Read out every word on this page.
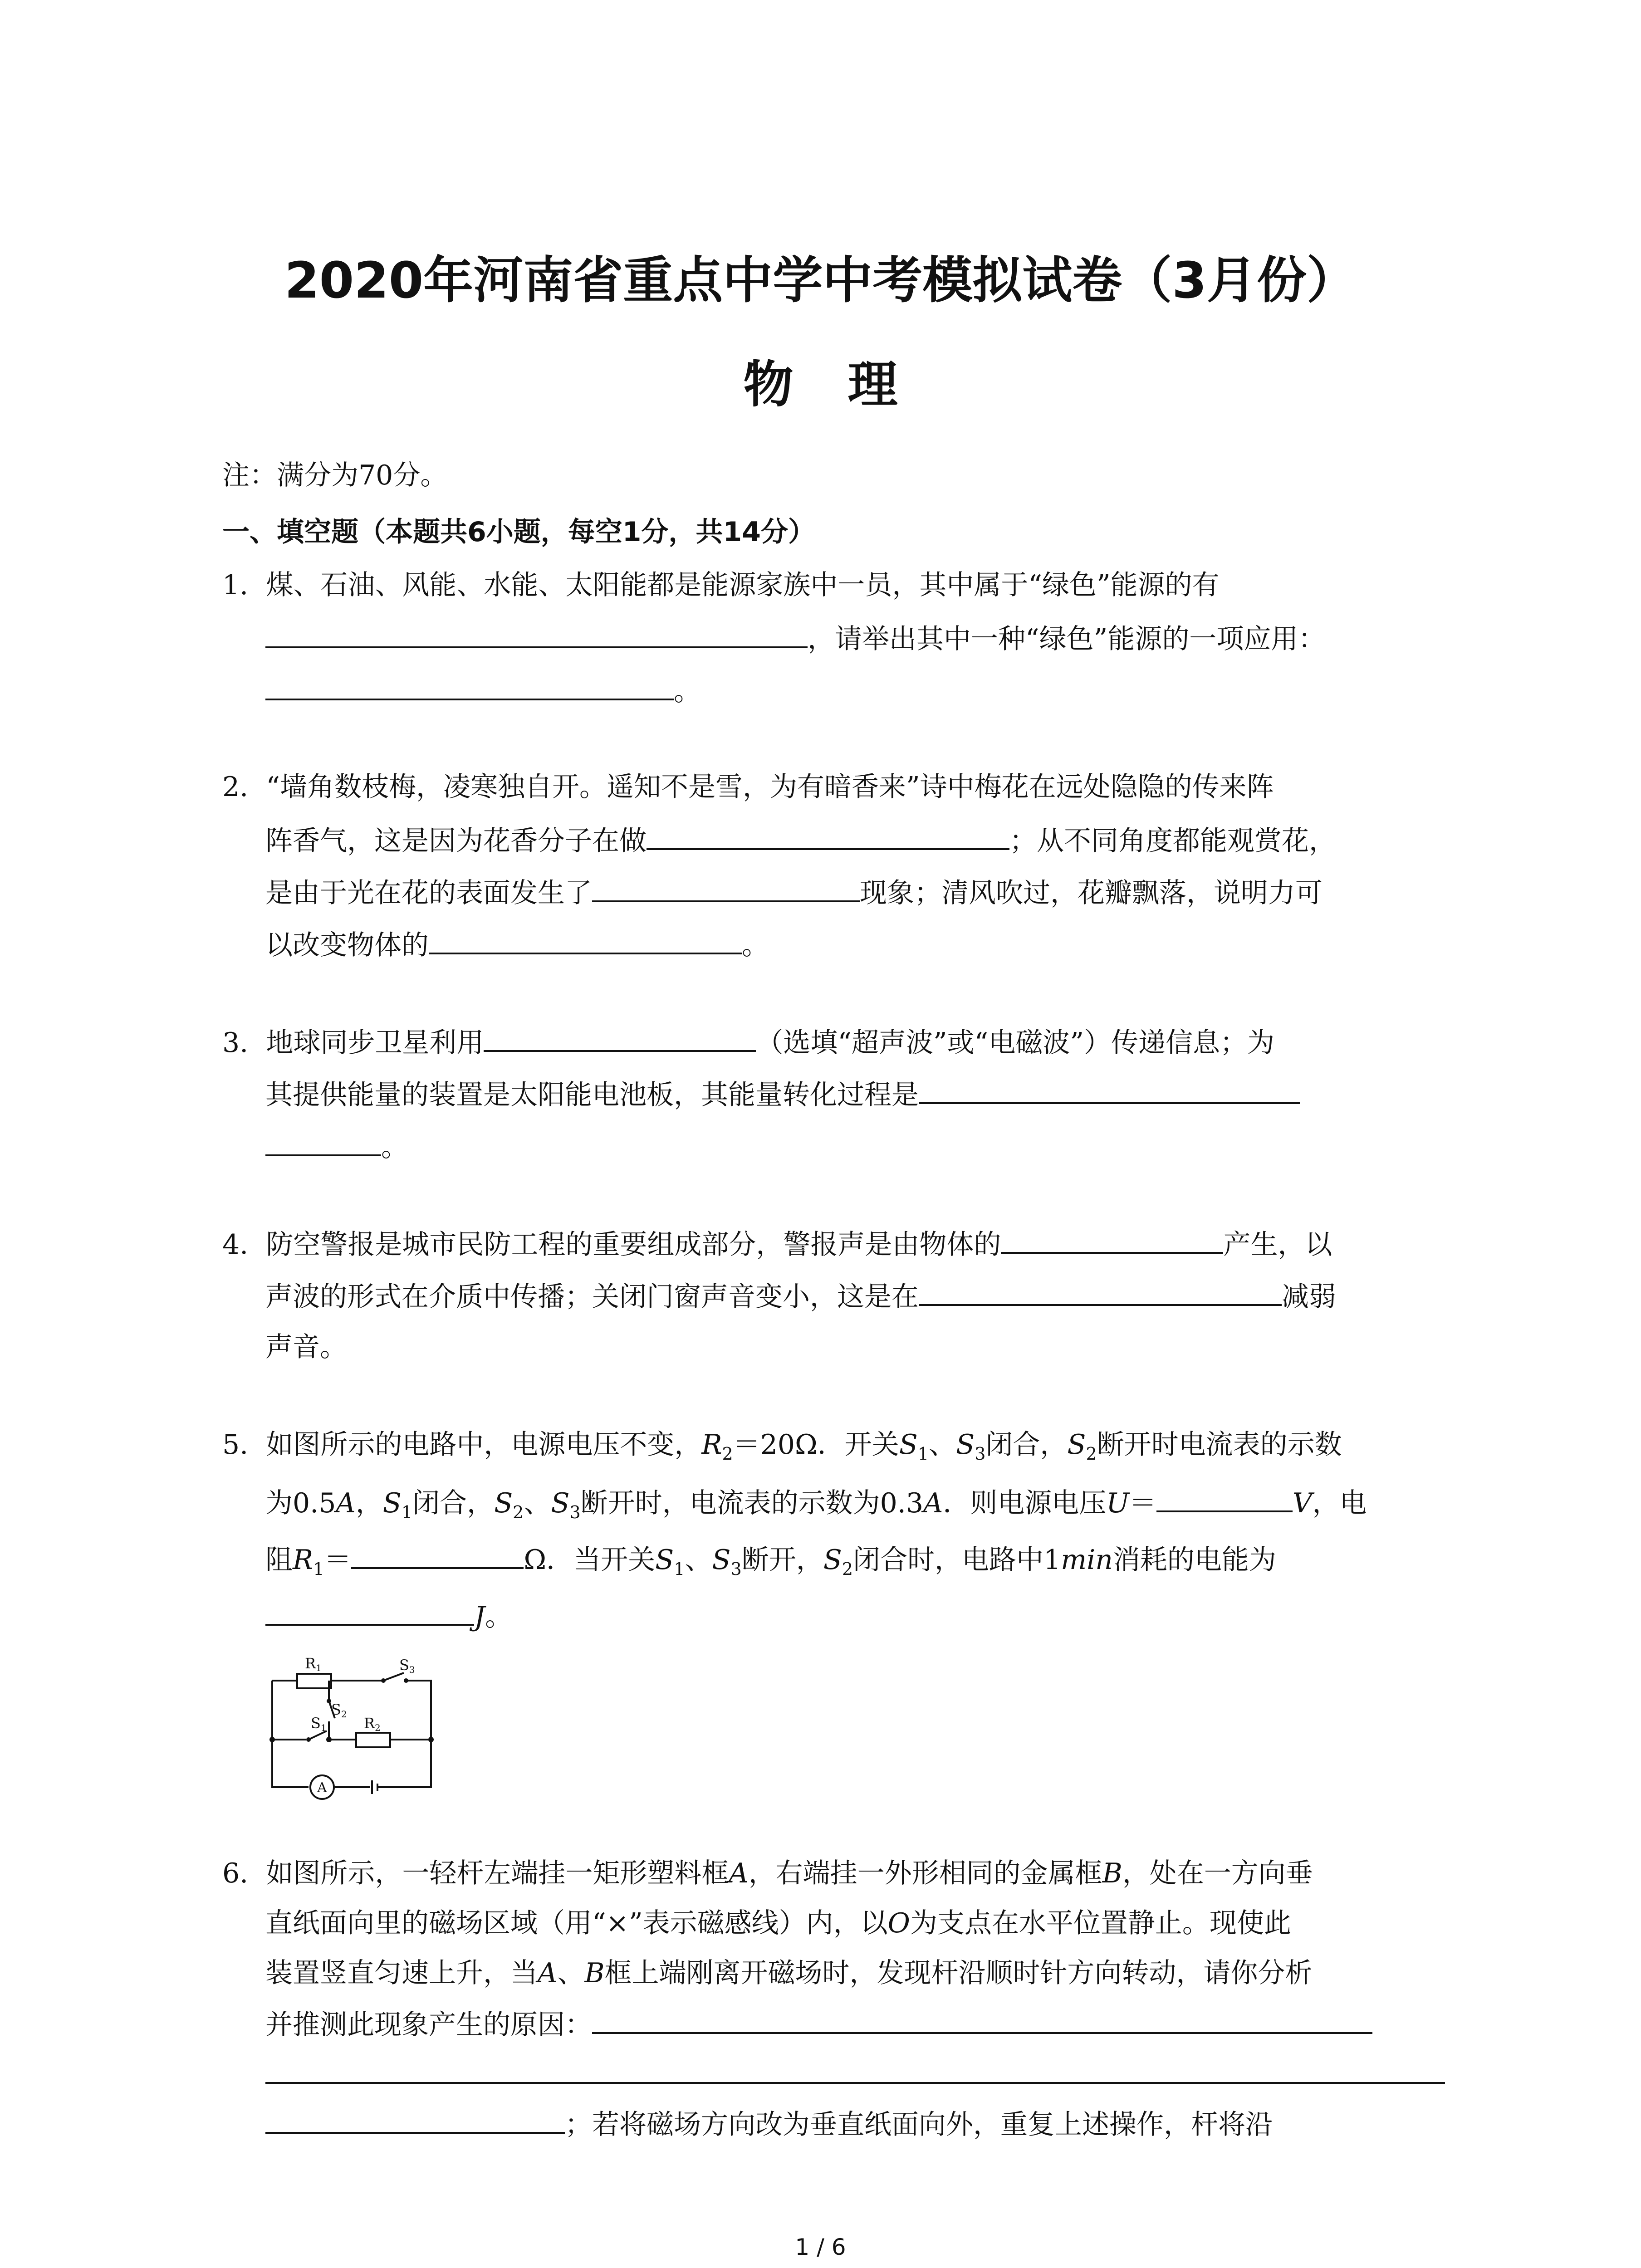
2020年河南省重点中学中考模拟试卷（3月份）
物理
注：满分为70分。
一、填空题（本题共6小题，每空1分，共14分）
1. 煤、石油、风能、水能、太阳能都是能源家族中一员，其中属于“绿色”能源的有
，请举出其中一种“绿色”能源的一项应用：
。
2. “墙角数枝梅，凌寒独自开。遥知不是雪，为有暗香来”诗中梅花在远处隐隐的传来阵
阵香气，这是因为花香分子在做	；从不同角度都能观赏花，
是由于光在花的表面发生了	现象；清风吹过，花瓣飘落，说明力可
以改变物体的	。
3. 地球同步卫星利用	（选填“超声波”或“电磁波”）传递信息；为
其提供能量的装置是太阳能电池板，其能量转化过程是
。
4. 防空警报是城市民防工程的重要组成部分，警报声是由物体的	产生，以
声波的形式在介质中传播；关闭门窗声音变小，这是在	减弱
声音。
5. 如图所示的电路中，电源电压不变，$R_2=20\Omega$．开关$S_1$、$S_3$闭合，$S_2$断开时电流表的示数
为0.5A，$S_1$闭合，$S_2$、$S_3$断开时，电流表的示数为0.3A．则电源电压U＝	V，电
阻$R_1=$	Ω．当开关$S_1$、$S_3$断开，$S_2$闭合时，电路中1min消耗的电能为
J。
R1	S3
S2
S1	R2
A
6. 如图所示，一轻杆左端挂一矩形塑料框A，右端挂一外形相同的金属框B，处在一方向垂
直纸面向里的磁场区域（用“×”表示磁感线）内，以O为支点在水平位置静止。现使此
装置竖直匀速上升，当A、B框上端刚离开磁场时，发现杆沿顺时针方向转动，请你分析
并推测此现象产生的原因：
；若将磁场方向改为垂直纸面向外，重复上述操作，杆将沿
1 / 6
